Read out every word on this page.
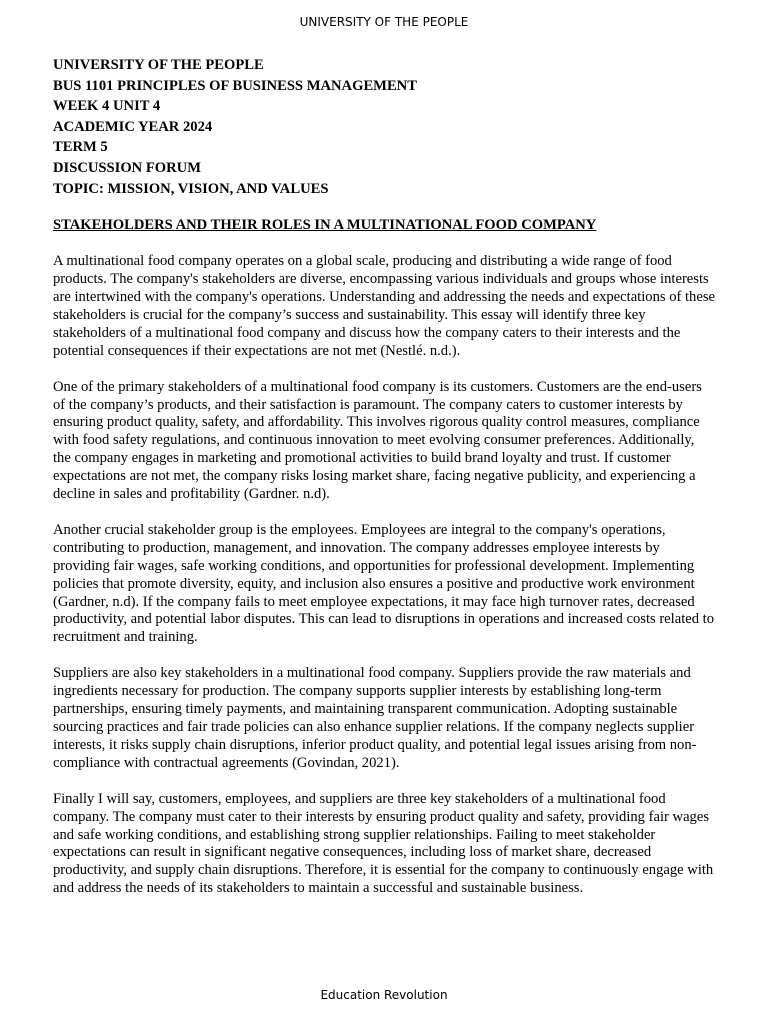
UNIVERSITY OF THE PEOPLE
UNIVERSITY OF THE PEOPLE
BUS 1101 PRINCIPLES OF BUSINESS MANAGEMENT
WEEK 4 UNIT 4
ACADEMIC YEAR 2024
TERM 5
DISCUSSION FORUM
TOPIC: MISSION, VISION, AND VALUES
STAKEHOLDERS AND THEIR ROLES IN A MULTINATIONAL FOOD COMPANY

A multinational food company operates on a global scale, producing and distributing a wide range of food products. The company's stakeholders are diverse, encompassing various individuals and groups whose interests are intertwined with the company's operations. Understanding and addressing the needs and expectations of these stakeholders is crucial for the company’s success and sustainability. This essay will identify three key stakeholders of a multinational food company and discuss how the company caters to their interests and the potential consequences if their expectations are not met (Nestlé. n.d.).

One of the primary stakeholders of a multinational food company is its customers. Customers are the end-users of the company’s products, and their satisfaction is paramount. The company caters to customer interests by ensuring product quality, safety, and affordability. This involves rigorous quality control measures, compliance with food safety regulations, and continuous innovation to meet evolving consumer preferences. Additionally, the company engages in marketing and promotional activities to build brand loyalty and trust. If customer expectations are not met, the company risks losing market share, facing negative publicity, and experiencing a decline in sales and profitability (Gardner. n.d).

Another crucial stakeholder group is the employees. Employees are integral to the company's operations, contributing to production, management, and innovation. The company addresses employee interests by providing fair wages, safe working conditions, and opportunities for professional development. Implementing policies that promote diversity, equity, and inclusion also ensures a positive and productive work environment (Gardner, n.d). If the company fails to meet employee expectations, it may face high turnover rates, decreased productivity, and potential labor disputes. This can lead to disruptions in operations and increased costs related to recruitment and training.

Suppliers are also key stakeholders in a multinational food company. Suppliers provide the raw materials and ingredients necessary for production. The company supports supplier interests by establishing long-term partnerships, ensuring timely payments, and maintaining transparent communication. Adopting sustainable sourcing practices and fair trade policies can also enhance supplier relations. If the company neglects supplier interests, it risks supply chain disruptions, inferior product quality, and potential legal issues arising from non-compliance with contractual agreements (Govindan, 2021).

Finally I will say, customers, employees, and suppliers are three key stakeholders of a multinational food company. The company must cater to their interests by ensuring product quality and safety, providing fair wages and safe working conditions, and establishing strong supplier relationships. Failing to meet stakeholder expectations can result in significant negative consequences, including loss of market share, decreased productivity, and supply chain disruptions. Therefore, it is essential for the company to continuously engage with and address the needs of its stakeholders to maintain a successful and sustainable business.

Education Revolution
